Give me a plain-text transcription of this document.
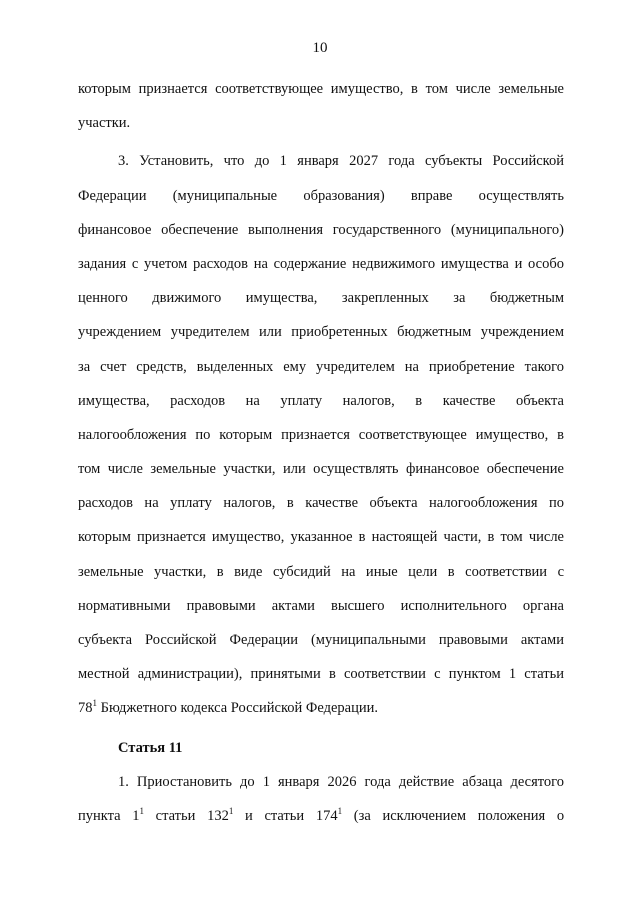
10
которым признается соответствующее имущество, в том числе земельные
участки.
3. Установить, что до 1 января 2027 года субъекты Российской
Федерации (муниципальные образования) вправе осуществлять
финансовое обеспечение выполнения государственного (муниципального)
задания с учетом расходов на содержание недвижимого имущества и особо
ценного движимого имущества, закрепленных за бюджетным
учреждением учредителем или приобретенных бюджетным учреждением
за счет средств, выделенных ему учредителем на приобретение такого
имущества, расходов на уплату налогов, в качестве объекта
налогообложения по которым признается соответствующее имущество, в
том числе земельные участки, или осуществлять финансовое обеспечение
расходов на уплату налогов, в качестве объекта налогообложения по
которым признается имущество, указанное в настоящей части, в том числе
земельные участки, в виде субсидий на иные цели в соответствии с
нормативными правовыми актами высшего исполнительного органа
субъекта Российской Федерации (муниципальными правовыми актами
местной администрации), принятыми в соответствии с пунктом 1 статьи
$78^1$ Бюджетного кодекса Российской Федерации.
Статья 11
1. Приостановить до 1 января 2026 года действие абзаца десятого
пункта $1^1$ статьи $132^1$ и статьи $174^1$ (за исключением положения о
